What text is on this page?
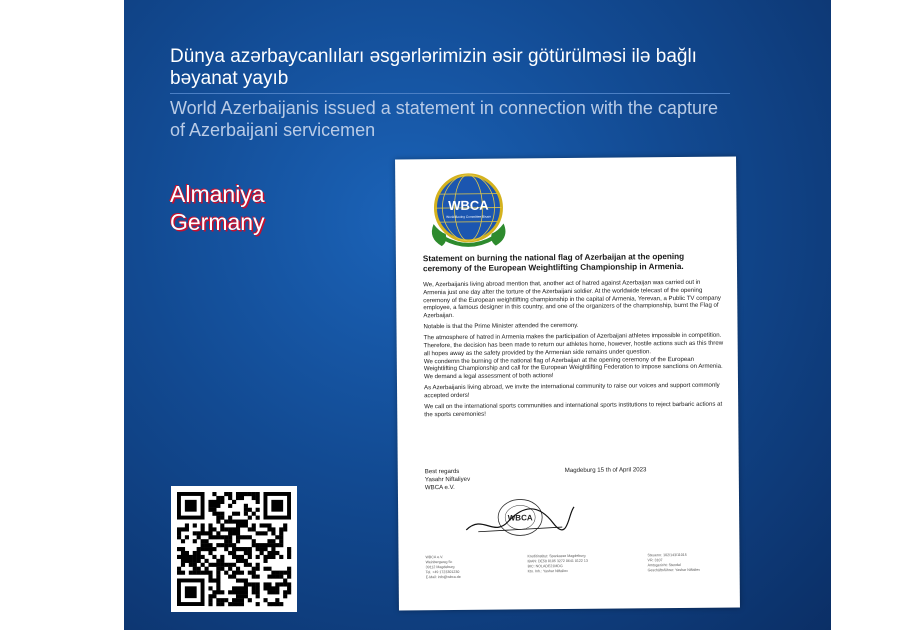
Dünya azərbaycanlıları əsgərlərimizin əsir götürülməsi ilə bağlı bəyanat yayıb
World Azerbaijanis issued a statement in connection with the capture of Azerbaijani servicemen
Almaniya
Germany
WBCA
World Boxing Committee Bisam
Statement on burning the national flag of Azerbaijan at the opening ceremony of the European Weightlifting Championship in Armenia.

We, Azerbaijanis living abroad mention that, another act of hatred against Azerbaijan was carried out in Armenia just one day after the torture of the Azerbaijani soldier. At the worldwide telecast of the opening ceremony of the European weightlifting championship in the capital of Armenia, Yerevan, a Public TV company employee, a famous designer in this country, and one of the organizers of the championship, burnt the Flag of Azerbaijan.

Notable is that the Prime Minister attended the ceremony.

The atmosphere of hatred in Armenia makes the participation of Azerbaijani athletes impossible in competition. Therefore, the decision has been made to return our athletes home, however, hostile actions such as this threw all hopes away as the safety provided by the Armenian side remains under question.

We condemn the burning of the national flag of Azerbaijan at the opening ceremony of the European Weightlifting Championship and call for the European Weightlifting Federation to impose sanctions on Armenia.

We demand a legal assessment of both actions!

As Azerbaijanis living abroad, we invite the international community to raise our voices and support commonly accepted orders!

We call on the international sports communities and international sports institutions to reject barbaric actions at the sports ceremonies!

Best regards
Yasahr Niftaliyev
WBCA e.V.
Magdeburg 15 th of April 2023
WBCA
WBCA e.V.
Weinbergweg 5c
39112 Magdeburg
Tel. +49 1723301230
E-Mail: info@wbca.de
Kreditinstitut: Sparkasse Magdeburg
IBAN: DE50 8105 3272 0641 0122 13
BIC: NOLADE21MDG
Kto. Inh.: Yashar Niftaliev
Steuernr. 102/143/11015
VR: 3107
Amtsgericht: Stendal
Geschäftsführer: Yashar Niftaliev
